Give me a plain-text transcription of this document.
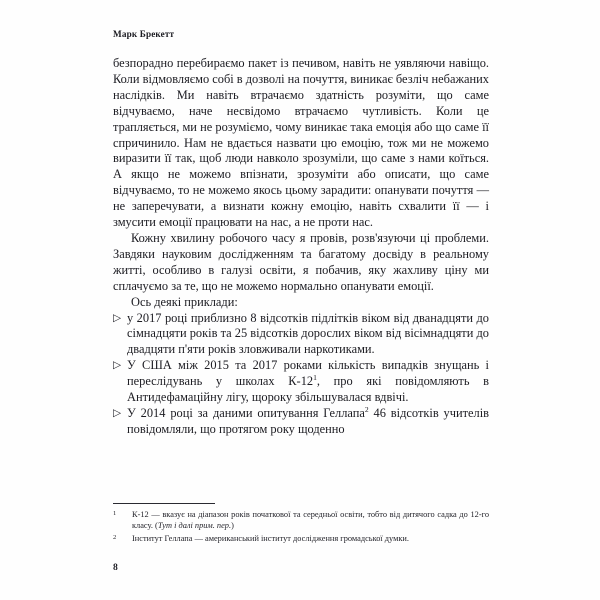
Марк Брекетт

безпорадно перебираємо пакет із печивом, навіть не уявляючи навіщо. Коли відмовляємо собі в дозволі на почуття, виникає безліч небажаних наслідків. Ми навіть втрачаємо здатність розуміти, що саме відчуваємо, наче несвідомо втрачаємо чутливість. Коли це трапляється, ми не розуміємо, чому виникає така емоція або що саме її спричинило. Нам не вдається назвати цю емоцію, тож ми не можемо виразити її так, щоб люди навколо зрозуміли, що саме з нами коїться. А якщо не можемо впізнати, зрозуміти або описати, що саме відчуваємо, то не можемо якось цьому зарадити: опанувати почуття — не заперечувати, а визнати кожну емоцію, навіть схвалити її — і змусити емоції працювати на нас, а не проти нас.

Кожну хвилину робочого часу я провів, розв'язуючи ці проблеми. Завдяки науковим дослідженням та багатому досвіду в реальному житті, особливо в галузі освіти, я побачив, яку жахливу ціну ми сплачуємо за те, що не можемо нормально опанувати емоції.

Ось деякі приклади:

▷ у 2017 році приблизно 8 відсотків підлітків віком від дванадцяти до сімнадцяти років та 25 відсотків дорослих віком від вісімнадцяти до двадцяти п'яти років зловживали наркотиками.
▷ У США між 2015 та 2017 роками кількість випадків знущань і переслідувань у школах К-12$^1$, про які повідомляють в Антидефамаційну лігу, щороку збільшувалася вдвічі.
▷ У 2014 році за даними опитування Геллапа$^2$ 46 відсотків учителів повідомляли, що протягом року щоденно
1 К-12 — вказує на діапазон років початкової та середньої освіти, тобто від дитячого садка до 12-го класу. (Тут і далі прим. пер.)
2 Інститут Геллапа — американський інститут дослідження громадської думки.
8
